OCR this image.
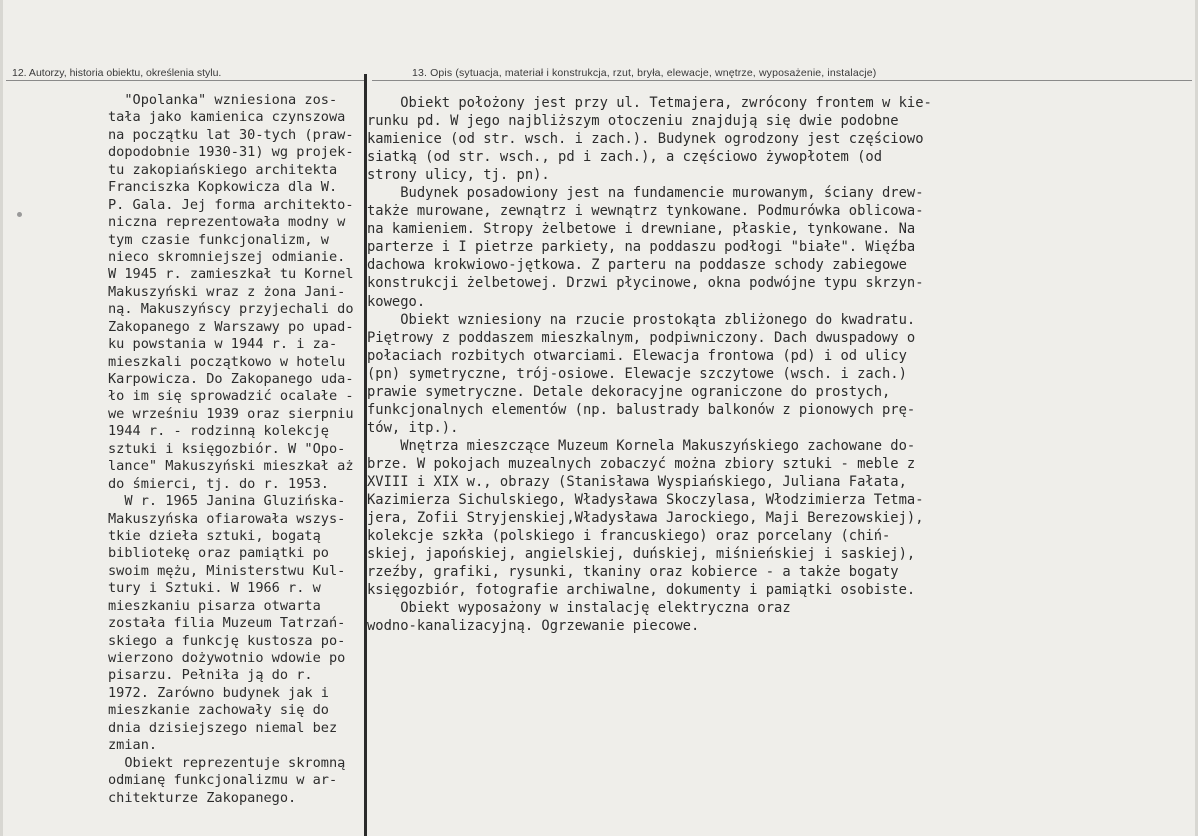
12. Autorzy, historia obiektu, określenia stylu.	13. Opis (sytuacja, materiał i konstrukcja, rzut, bryła, elewacje, wnętrze, wyposażenie, instalacje)
"Opolanka" wzniesiona zos-
tała jako kamienica czynszowa
na początku lat 30-tych (praw-
dopodobnie 1930-31) wg projek-
tu zakopiańskiego architekta
Franciszka Kopkowicza dla W.
P. Gala. Jej forma architekto-
niczna reprezentowała modny w
tym czasie funkcjonalizm, w
nieco skromniejszej odmianie.
W 1945 r. zamieszkał tu Kornel
Makuszyński wraz z żona Jani-
ną. Makuszyńscy przyjechali do
Zakopanego z Warszawy po upad-
ku powstania w 1944 r. i za-
mieszkali początkowo w hotelu
Karpowicza. Do Zakopanego uda-
ło im się sprowadzić ocalałe -
we wrześniu 1939 oraz sierpniu
1944 r. - rodzinną kolekcję
sztuki i księgozbiór. W "Opo-
lance" Makuszyński mieszkał aż
do śmierci, tj. do r. 1953.
W r. 1965 Janina Gluzińska-
Makuszyńska ofiarowała wszys-
tkie dzieła sztuki, bogatą
bibliotekę oraz pamiątki po
swoim mężu, Ministerstwu Kul-
tury i Sztuki. W 1966 r. w
mieszkaniu pisarza otwarta
została filia Muzeum Tatrzań-
skiego a funkcję kustosza po-
wierzono dożywotnio wdowie po
pisarzu. Pełniła ją do r.
1972. Zarówno budynek jak i
mieszkanie zachowały się do
dnia dzisiejszego niemal bez
zmian.
Obiekt reprezentuje skromną
odmianę funkcjonalizmu w ar-
chitekturze Zakopanego.
Obiekt położony jest przy ul. Tetmajera, zwrócony frontem w kie-
runku pd. W jego najbliższym otoczeniu znajdują się dwie podobne
kamienice (od str. wsch. i zach.). Budynek ogrodzony jest częściowo
siatką (od str. wsch., pd i zach.), a częściowo żywopłotem (od
strony ulicy, tj. pn).
Budynek posadowiony jest na fundamencie murowanym, ściany drew-
także murowane, zewnątrz i wewnątrz tynkowane. Podmurówka oblicowa-
na kamieniem. Stropy żelbetowe i drewniane, płaskie, tynkowane. Na
parterze i I pietrze parkiety, na poddaszu podłogi "białe". Więźba
dachowa krokwiowo-jętkowa. Z parteru na poddasze schody zabiegowe
konstrukcji żelbetowej. Drzwi płycinowe, okna podwójne typu skrzyn-
kowego.
Obiekt wzniesiony na rzucie prostokąta zbliżonego do kwadratu.
Piętrowy z poddaszem mieszkalnym, podpiwniczony. Dach dwuspadowy o
połaciach rozbitych otwarciami. Elewacja frontowa (pd) i od ulicy
(pn) symetryczne, trój-osiowe. Elewacje szczytowe (wsch. i zach.)
prawie symetryczne. Detale dekoracyjne ograniczone do prostych,
funkcjonalnych elementów (np. balustrady balkonów z pionowych prę-
tów, itp.).
Wnętrza mieszczące Muzeum Kornela Makuszyńskiego zachowane do-
brze. W pokojach muzealnych zobaczyć można zbiory sztuki - meble z
XVIII i XIX w., obrazy (Stanisława Wyspiańskiego, Juliana Fałata,
Kazimierza Sichulskiego, Władysława Skoczylasa, Włodzimierza Tetma-
jera, Zofii Stryjenskiej,Władysława Jarockiego, Maji Berezowskiej),
kolekcje szkła (polskiego i francuskiego) oraz porcelany (chiń-
skiej, japońskiej, angielskiej, duńskiej, miśnieńskiej i saskiej),
rzeźby, grafiki, rysunki, tkaniny oraz kobierce - a także bogaty
księgozbiór, fotografie archiwalne, dokumenty i pamiątki osobiste.
Obiekt wyposażony w instalację elektryczna oraz
wodno-kanalizacyjną. Ogrzewanie piecowe.
